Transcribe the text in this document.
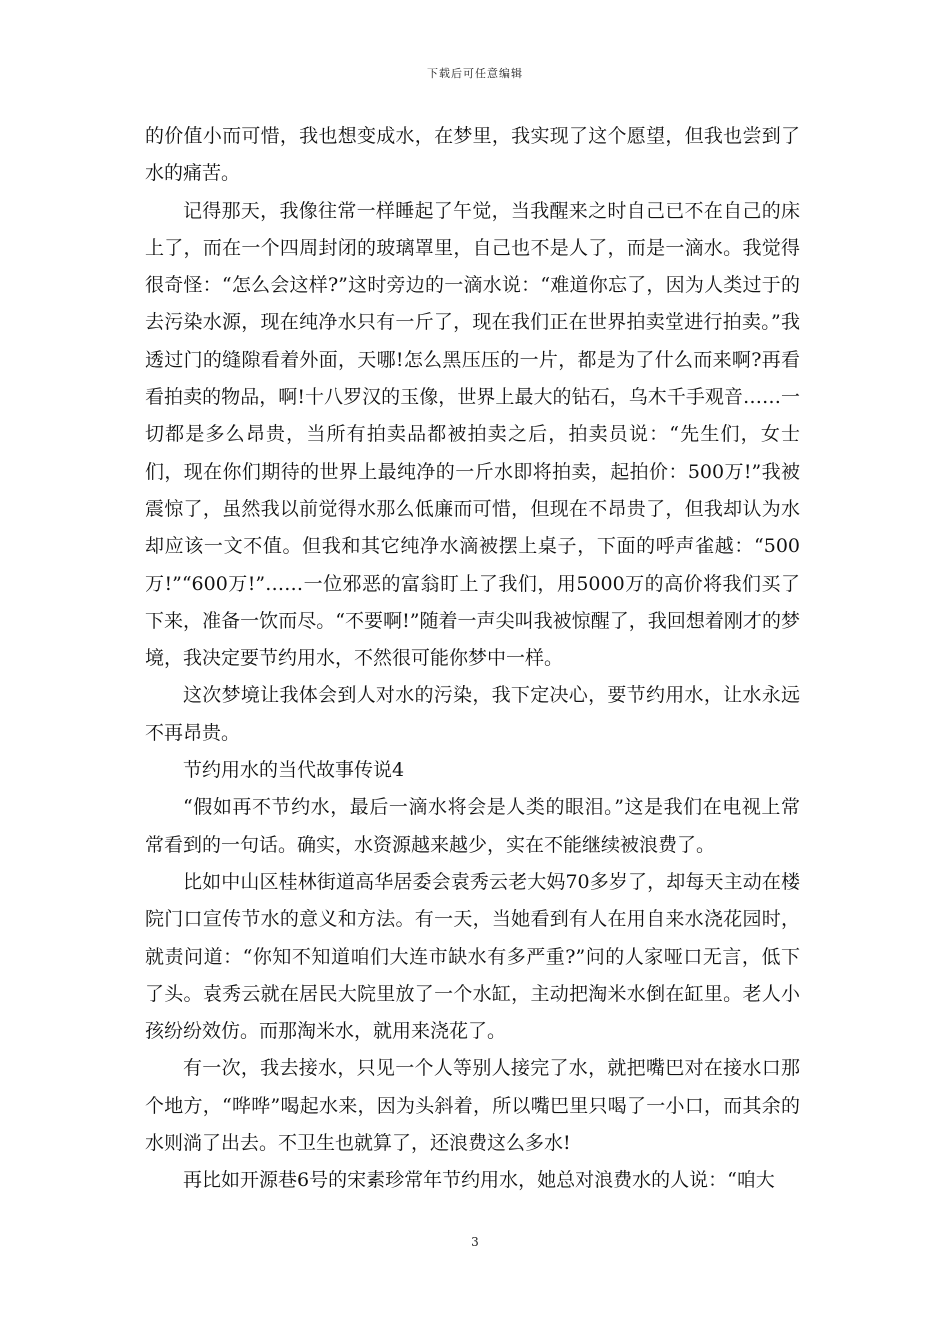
下载后可任意编辑

的价值小而可惜，我也想变成水，在梦里，我实现了这个愿望，但我也尝到了水的痛苦。

记得那天，我像往常一样睡起了午觉，当我醒来之时自己已不在自己的床上了，而在一个四周封闭的玻璃罩里，自己也不是人了，而是一滴水。我觉得很奇怪：“怎么会这样?”这时旁边的一滴水说：“难道你忘了，因为人类过于的去污染水源，现在纯净水只有一斤了，现在我们正在世界拍卖堂进行拍卖。”我透过门的缝隙看着外面，天哪!怎么黑压压的一片，都是为了什么而来啊?再看看拍卖的物品，啊!十八罗汉的玉像，世界上最大的钻石，乌木千手观音……一切都是多么昂贵，当所有拍卖品都被拍卖之后，拍卖员说：“先生们，女士们，现在你们期待的世界上最纯净的一斤水即将拍卖，起拍价：500万!”我被震惊了，虽然我以前觉得水那么低廉而可惜，但现在不昂贵了，但我却认为水却应该一文不值。但我和其它纯净水滴被摆上桌子，下面的呼声雀越：“500万!”“600万!”……一位邪恶的富翁盯上了我们，用5000万的高价将我们买了下来，准备一饮而尽。“不要啊!”随着一声尖叫我被惊醒了，我回想着刚才的梦境，我决定要节约用水，不然很可能你梦中一样。

这次梦境让我体会到人对水的污染，我下定决心，要节约用水，让水永远不再昂贵。

节约用水的当代故事传说4

“假如再不节约水，最后一滴水将会是人类的眼泪。”这是我们在电视上常常看到的一句话。确实，水资源越来越少，实在不能继续被浪费了。

比如中山区桂林街道高华居委会袁秀云老大妈70多岁了，却每天主动在楼院门口宣传节水的意义和方法。有一天，当她看到有人在用自来水浇花园时，就责问道：“你知不知道咱们大连市缺水有多严重?”问的人家哑口无言，低下了头。袁秀云就在居民大院里放了一个水缸，主动把淘米水倒在缸里。老人小孩纷纷效仿。而那淘米水，就用来浇花了。

有一次，我去接水，只见一个人等别人接完了水，就把嘴巴对在接水口那个地方，“哗哗”喝起水来，因为头斜着，所以嘴巴里只喝了一小口，而其余的水则淌了出去。不卫生也就算了，还浪费这么多水!

再比如开源巷6号的宋素珍常年节约用水，她总对浪费水的人说：“咱大

3
